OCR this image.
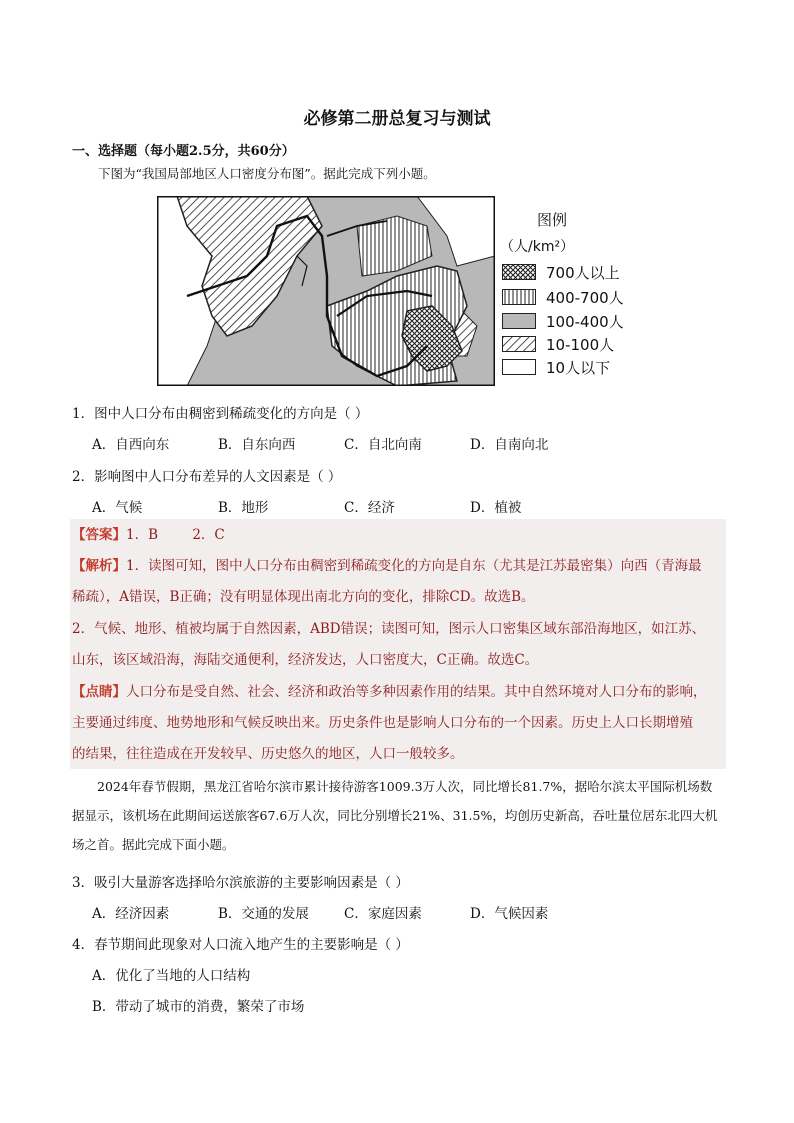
必修第二册总复习与测试
一、选择题（每小题2.5分，共60分）
下图为“我国局部地区人口密度分布图”。据此完成下列小题。
图例
（人/km²）
700人以上
400-700人
100-400人
10-100人
10人以下
1．图中人口分布由稠密到稀疏变化的方向是（ ）
A．自西向东	B．自东向西	C．自北向南	D．自南向北
2．影响图中人口分布差异的人文因素是（ ）
A．气候	B．地形	C．经济	D．植被
【答案】1．B        2．C
【解析】1．读图可知，图中人口分布由稠密到稀疏变化的方向是自东（尤其是江苏最密集）向西（青海最
稀疏），A错误，B正确；没有明显体现出南北方向的变化，排除CD。故选B。
2．气候、地形、植被均属于自然因素，ABD错误；读图可知，图示人口密集区域东部沿海地区，如江苏、
山东，该区域沿海，海陆交通便利，经济发达，人口密度大，C正确。故选C。
【点睛】人口分布是受自然、社会、经济和政治等多种因素作用的结果。其中自然环境对人口分布的影响，
主要通过纬度、地势地形和气候反映出来。历史条件也是影响人口分布的一个因素。历史上人口长期增殖
的结果，往往造成在开发较早、历史悠久的地区，人口一般较多。
2024年春节假期，黑龙江省哈尔滨市累计接待游客1009.3万人次，同比增长81.7%，据哈尔滨太平国际机场数据显示，该机场在此期间运送旅客67.6万人次，同比分别增长21%、31.5%，均创历史新高，吞吐量位居东北四大机场之首。据此完成下面小题。
3．吸引大量游客选择哈尔滨旅游的主要影响因素是（ ）
A．经济因素	B．交通的发展	C．家庭因素	D．气候因素
4．春节期间此现象对人口流入地产生的主要影响是（ ）
A．优化了当地的人口结构
B．带动了城市的消费，繁荣了市场
